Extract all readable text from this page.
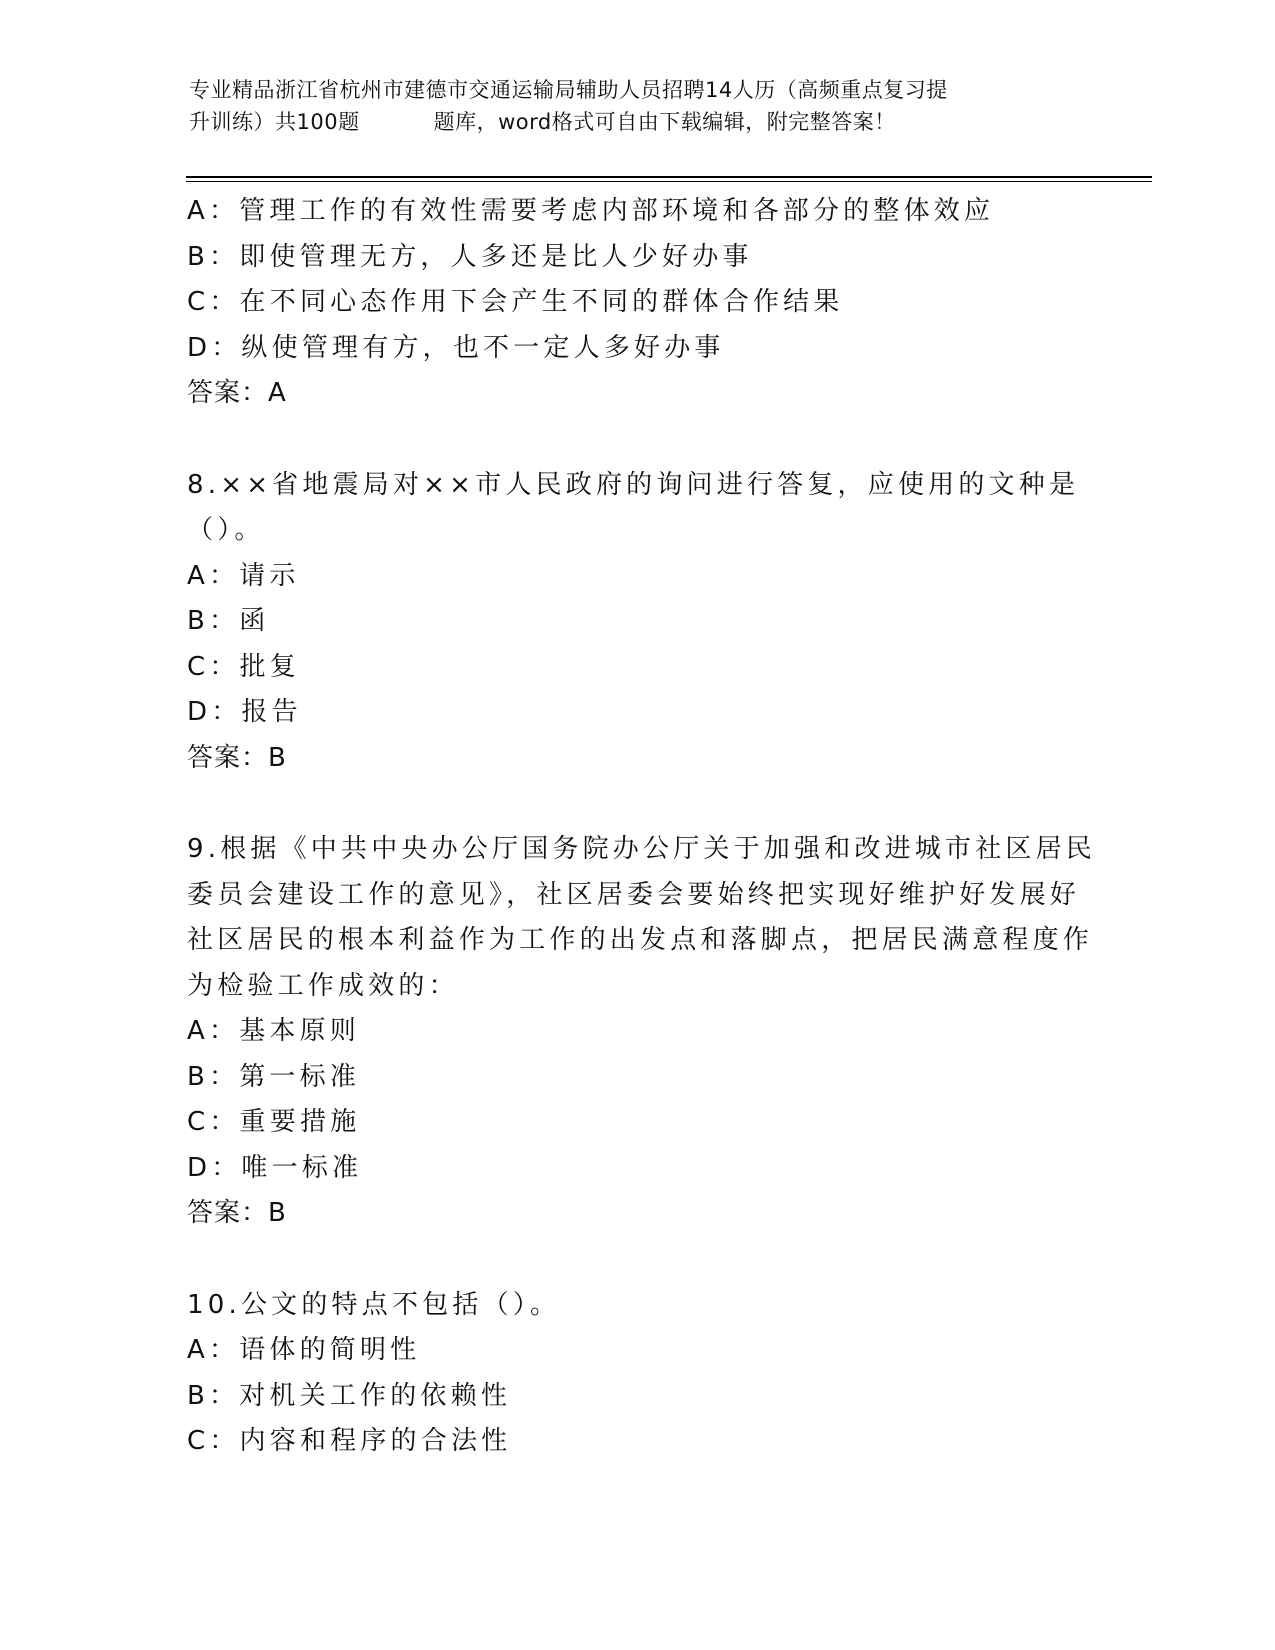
专业精品浙江省杭州市建德市交通运输局辅助人员招聘14人历（高频重点复习提
升训练）共100题	题库，word格式可自由下载编辑，附完整答案！
A：管理工作的有效性需要考虑内部环境和各部分的整体效应
B：即使管理无方，人多还是比人少好办事
C：在不同心态作用下会产生不同的群体合作结果
D：纵使管理有方，也不一定人多好办事
答案：A
8.××省地震局对××市人民政府的询问进行答复，应使用的文种是
（）。
A：请示
B：函
C：批复
D：报告
答案：B
9.根据《中共中央办公厅国务院办公厅关于加强和改进城市社区居民
委员会建设工作的意见》，社区居委会要始终把实现好维护好发展好
社区居民的根本利益作为工作的出发点和落脚点，把居民满意程度作
为检验工作成效的：
A：基本原则
B：第一标准
C：重要措施
D：唯一标准
答案：B
10.公文的特点不包括（）。
A：语体的简明性
B：对机关工作的依赖性
C：内容和程序的合法性
